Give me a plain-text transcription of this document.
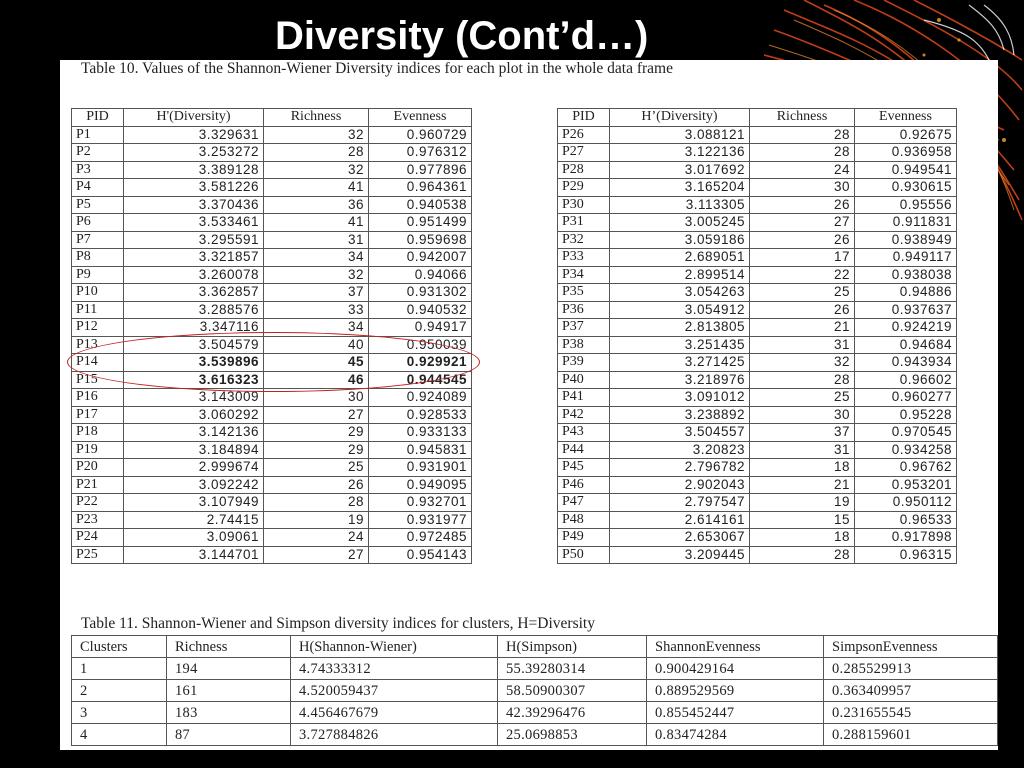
Diversity (Cont’d…)

Table 10. Values of the Shannon-Wiener Diversity indices for each plot in the whole data frame

PID	H'(Diversity)	Richness	Evenness
P1	3.329631	32	0.960729
P2	3.253272	28	0.976312
P3	3.389128	32	0.977896
P4	3.581226	41	0.964361
P5	3.370436	36	0.940538
P6	3.533461	41	0.951499
P7	3.295591	31	0.959698
P8	3.321857	34	0.942007
P9	3.260078	32	0.94066
P10	3.362857	37	0.931302
P11	3.288576	33	0.940532
P12	3.347116	34	0.94917
P13	3.504579	40	0.950039
P14	3.539896	45	0.929921
P15	3.616323	46	0.944545
P16	3.143009	30	0.924089
P17	3.060292	27	0.928533
P18	3.142136	29	0.933133
P19	3.184894	29	0.945831
P20	2.999674	25	0.931901
P21	3.092242	26	0.949095
P22	3.107949	28	0.932701
P23	2.74415	19	0.931977
P24	3.09061	24	0.972485
P25	3.144701	27	0.954143
PID	H’(Diversity)	Richness	Evenness
P26	3.088121	28	0.92675
P27	3.122136	28	0.936958
P28	3.017692	24	0.949541
P29	3.165204	30	0.930615
P30	3.113305	26	0.95556
P31	3.005245	27	0.911831
P32	3.059186	26	0.938949
P33	2.689051	17	0.949117
P34	2.899514	22	0.938038
P35	3.054263	25	0.94886
P36	3.054912	26	0.937637
P37	2.813805	21	0.924219
P38	3.251435	31	0.94684
P39	3.271425	32	0.943934
P40	3.218976	28	0.96602
P41	3.091012	25	0.960277
P42	3.238892	30	0.95228
P43	3.504557	37	0.970545
P44	3.20823	31	0.934258
P45	2.796782	18	0.96762
P46	2.902043	21	0.953201
P47	2.797547	19	0.950112
P48	2.614161	15	0.96533
P49	2.653067	18	0.917898
P50	3.209445	28	0.96315

Table 11. Shannon-Wiener and Simpson diversity indices for clusters, H=Diversity

Clusters	Richness	H(Shannon-Wiener)	H(Simpson)	ShannonEvenness	SimpsonEvenness
1	194	4.74333312	55.39280314	0.900429164	0.285529913
2	161	4.520059437	58.50900307	0.889529569	0.363409957
3	183	4.456467679	42.39296476	0.855452447	0.231655545
4	87	3.727884826	25.0698853	0.83474284	0.288159601
